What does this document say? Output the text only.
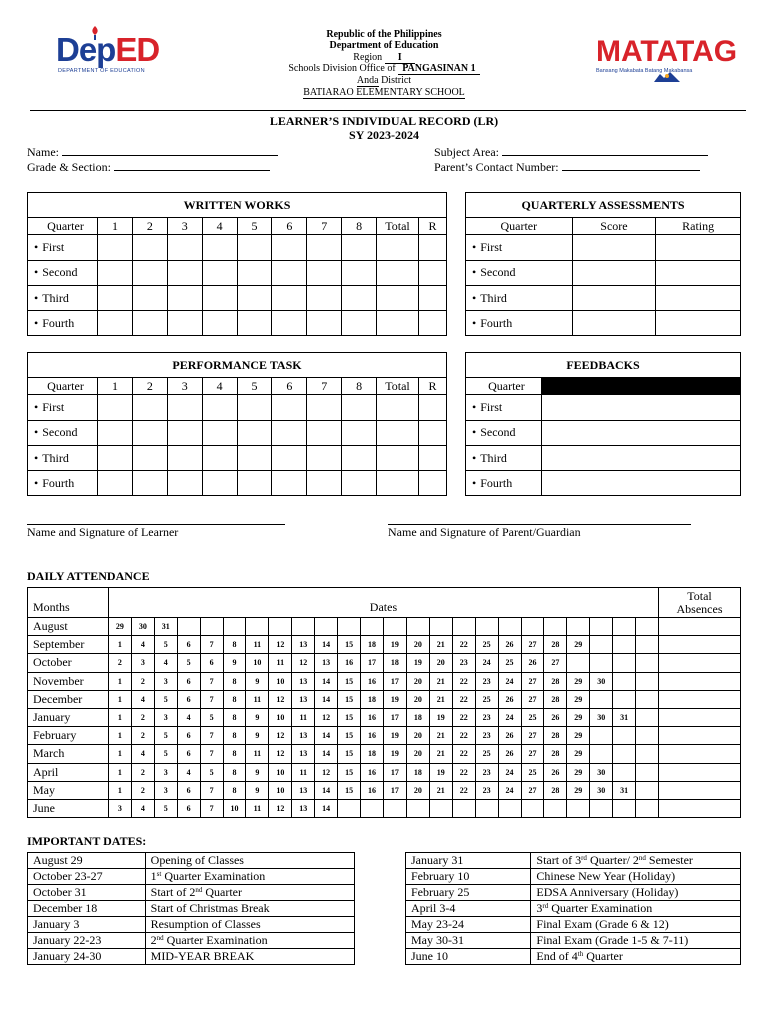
DepED
DEPARTMENT OF EDUCATION
MATATAG
Bansang Makabata Batang Makabansa
Republic of the Philippines
Department of Education
Region I
Schools Division Office of PANGASINAN 1
Anda District
BATIARAO ELEMENTARY SCHOOL
LEARNER’S INDIVIDUAL RECORD (LR)
SY 2023-2024
Name:
Grade & Section:
Subject Area:
Parent’s Contact Number:
WRITTEN WORKS										
Quarter	1	2	3	4	5	6	7	8	Total	R
• First										
• Second										
• Third										
• Fourth										
QUARTERLY ASSESSMENTS		
Quarter	Score	Rating
• First		
• Second		
• Third		
• Fourth		
PERFORMANCE TASK										
Quarter	1	2	3	4	5	6	7	8	Total	R
• First										
• Second										
• Third										
• Fourth										
FEEDBACKS	
Quarter	
• First	
• Second	
• Third	
• Fourth	
Name and Signature of Learner	Name and Signature of Parent/Guardian
DAILY ATTENDANCE
Months	Dates																								Total
Absences
August	29	30	31																						
September	1	4	5	6	7	8	11	12	13	14	15	18	19	20	21	22	25	26	27	28	29				
October	2	3	4	5	6	9	10	11	12	13	16	17	18	19	20	23	24	25	26	27					
November	1	2	3	6	7	8	9	10	13	14	15	16	17	20	21	22	23	24	27	28	29	30			
December	1	4	5	6	7	8	11	12	13	14	15	18	19	20	21	22	25	26	27	28	29				
January	1	2	3	4	5	8	9	10	11	12	15	16	17	18	19	22	23	24	25	26	29	30	31		
February	1	2	5	6	7	8	9	12	13	14	15	16	19	20	21	22	23	26	27	28	29				
March	1	4	5	6	7	8	11	12	13	14	15	18	19	20	21	22	25	26	27	28	29				
April	1	2	3	4	5	8	9	10	11	12	15	16	17	18	19	22	23	24	25	26	29	30			
May	1	2	3	6	7	8	9	10	13	14	15	16	17	20	21	22	23	24	27	28	29	30	31		
June	3	4	5	6	7	10	11	12	13	14															
IMPORTANT DATES:
August 29	Opening of Classes
October 23-27	1st Quarter Examination
October 31	Start of 2nd Quarter
December 18	Start of Christmas Break
January 3	Resumption of Classes
January 22-23	2nd Quarter Examination
January 24-30	MID-YEAR BREAK
January 31	Start of 3rd Quarter/ 2nd Semester
February 10	Chinese New Year (Holiday)
February 25	EDSA Anniversary (Holiday)
April 3-4	3rd Quarter Examination
May 23-24	Final Exam (Grade 6 & 12)
May 30-31	Final Exam (Grade 1-5 & 7-11)
June 10	End of 4th Quarter
